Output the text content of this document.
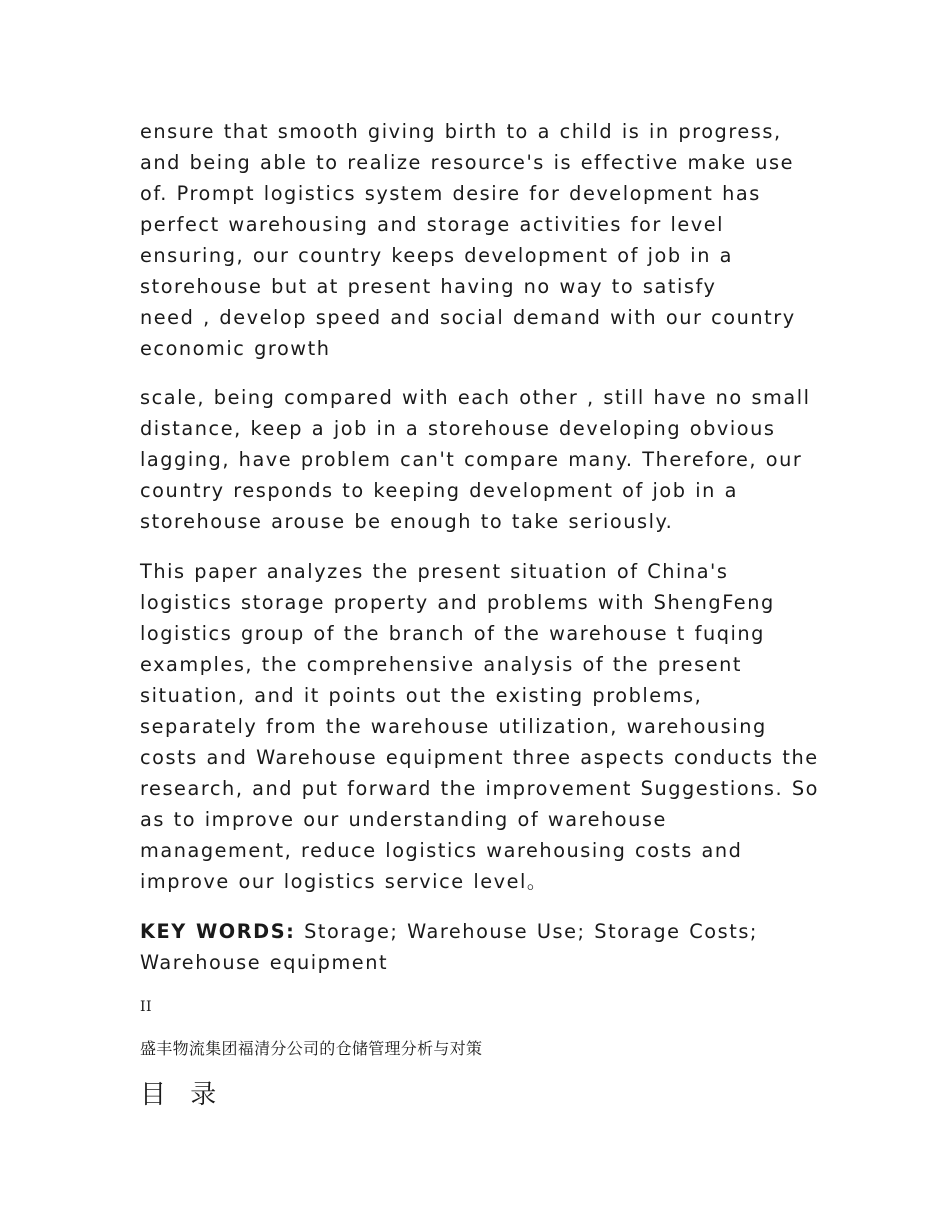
ensure that smooth giving birth to a child is in progress,
and being able to realize resource's is effective make use
of. Prompt logistics system desire for development has
perfect warehousing and storage activities for level
ensuring, our country keeps development of job in a
storehouse but at present having no way to satisfy
need , develop speed and social demand with our country
economic growth

scale, being compared with each other , still have no small
distance, keep a job in a storehouse developing obvious
lagging, have problem can't compare many. Therefore, our
country responds to keeping development of job in a
storehouse arouse be enough to take seriously.

This paper analyzes the present situation of China's
logistics storage property and problems with ShengFeng
logistics group of the branch of the warehouse t fuqing
examples, the comprehensive analysis of the present
situation, and it points out the existing problems,
separately from the warehouse utilization, warehousing
costs and Warehouse equipment three aspects conducts the
research, and put forward the improvement Suggestions. So
as to improve our understanding of warehouse
management, reduce logistics warehousing costs and
improve our logistics service level。

KEY WORDS: Storage; Warehouse Use; Storage Costs;
Warehouse equipment

II
盛丰物流集团福清分公司的仓储管理分析与对策
目 录
